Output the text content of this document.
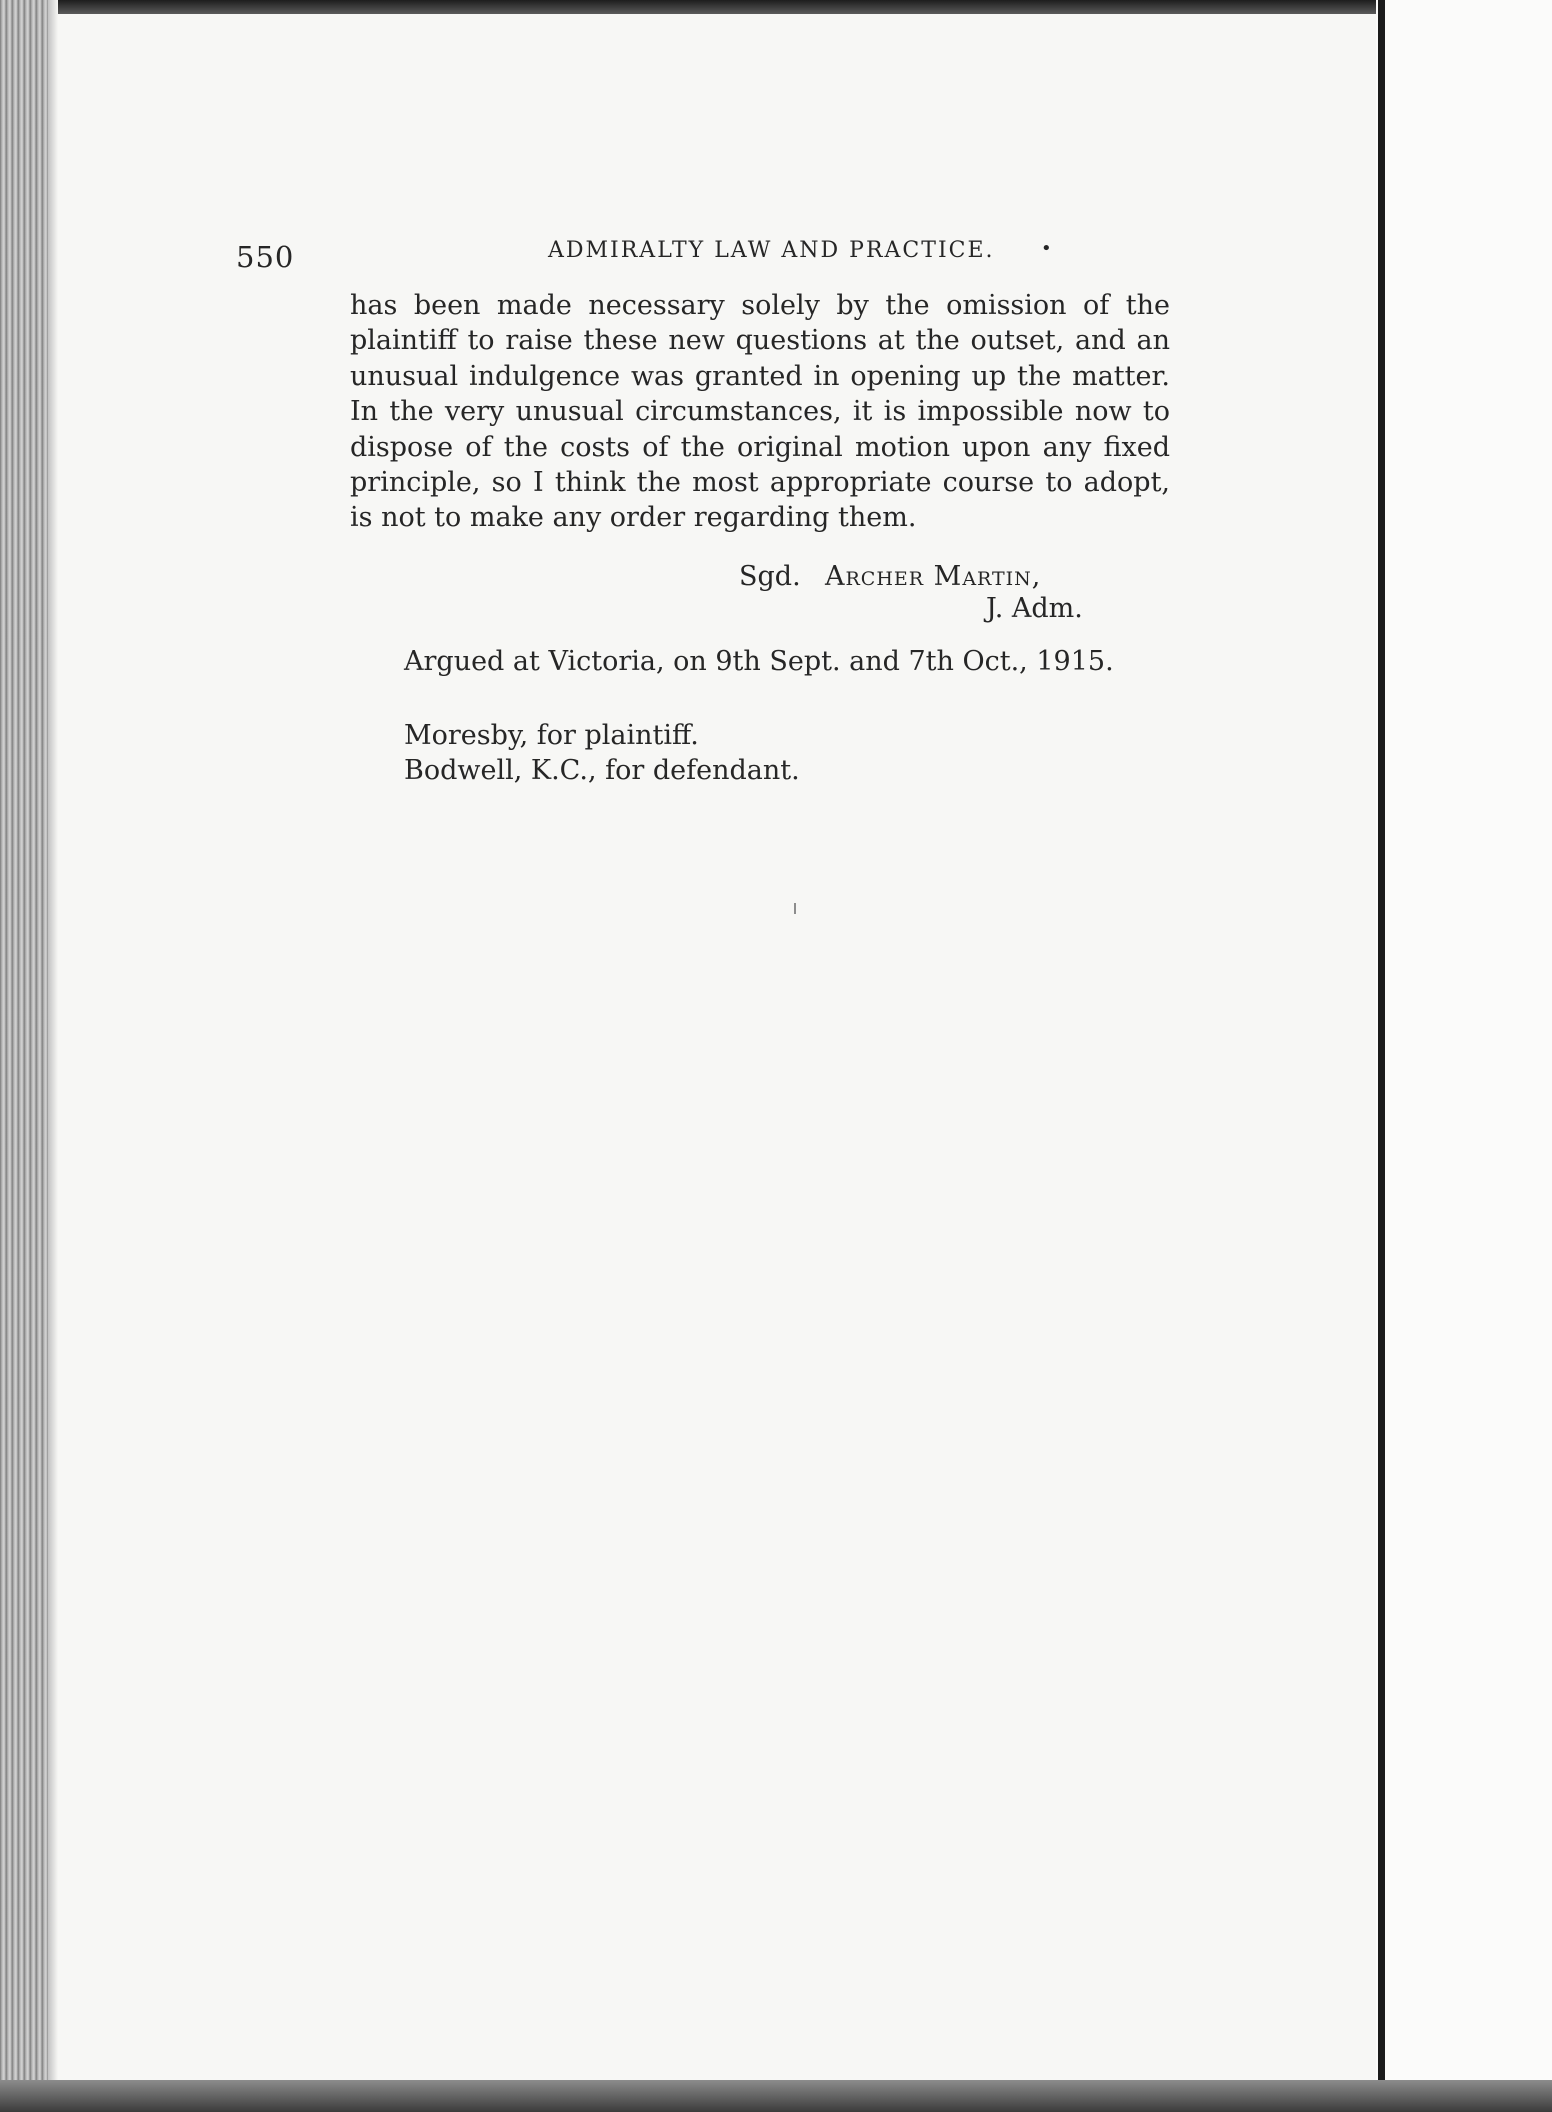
550	ADMIRALTY LAW AND PRACTICE.	•

has been made necessary solely by the omission of the plaintiff to raise these new questions at the outset, and an unusual indulgence was granted in opening up the matter. In the very unusual circumstances, it is impossible now to dispose of the costs of the original motion upon any fixed principle, so I think the most appropriate course to adopt, is not to make any order regarding them.

Sgd. Archer Martin,
J. Adm.
Argued at Victoria, on 9th Sept. and 7th Oct., 1915.
Moresby, for plaintiff.
Bodwell, K.C., for defendant.
